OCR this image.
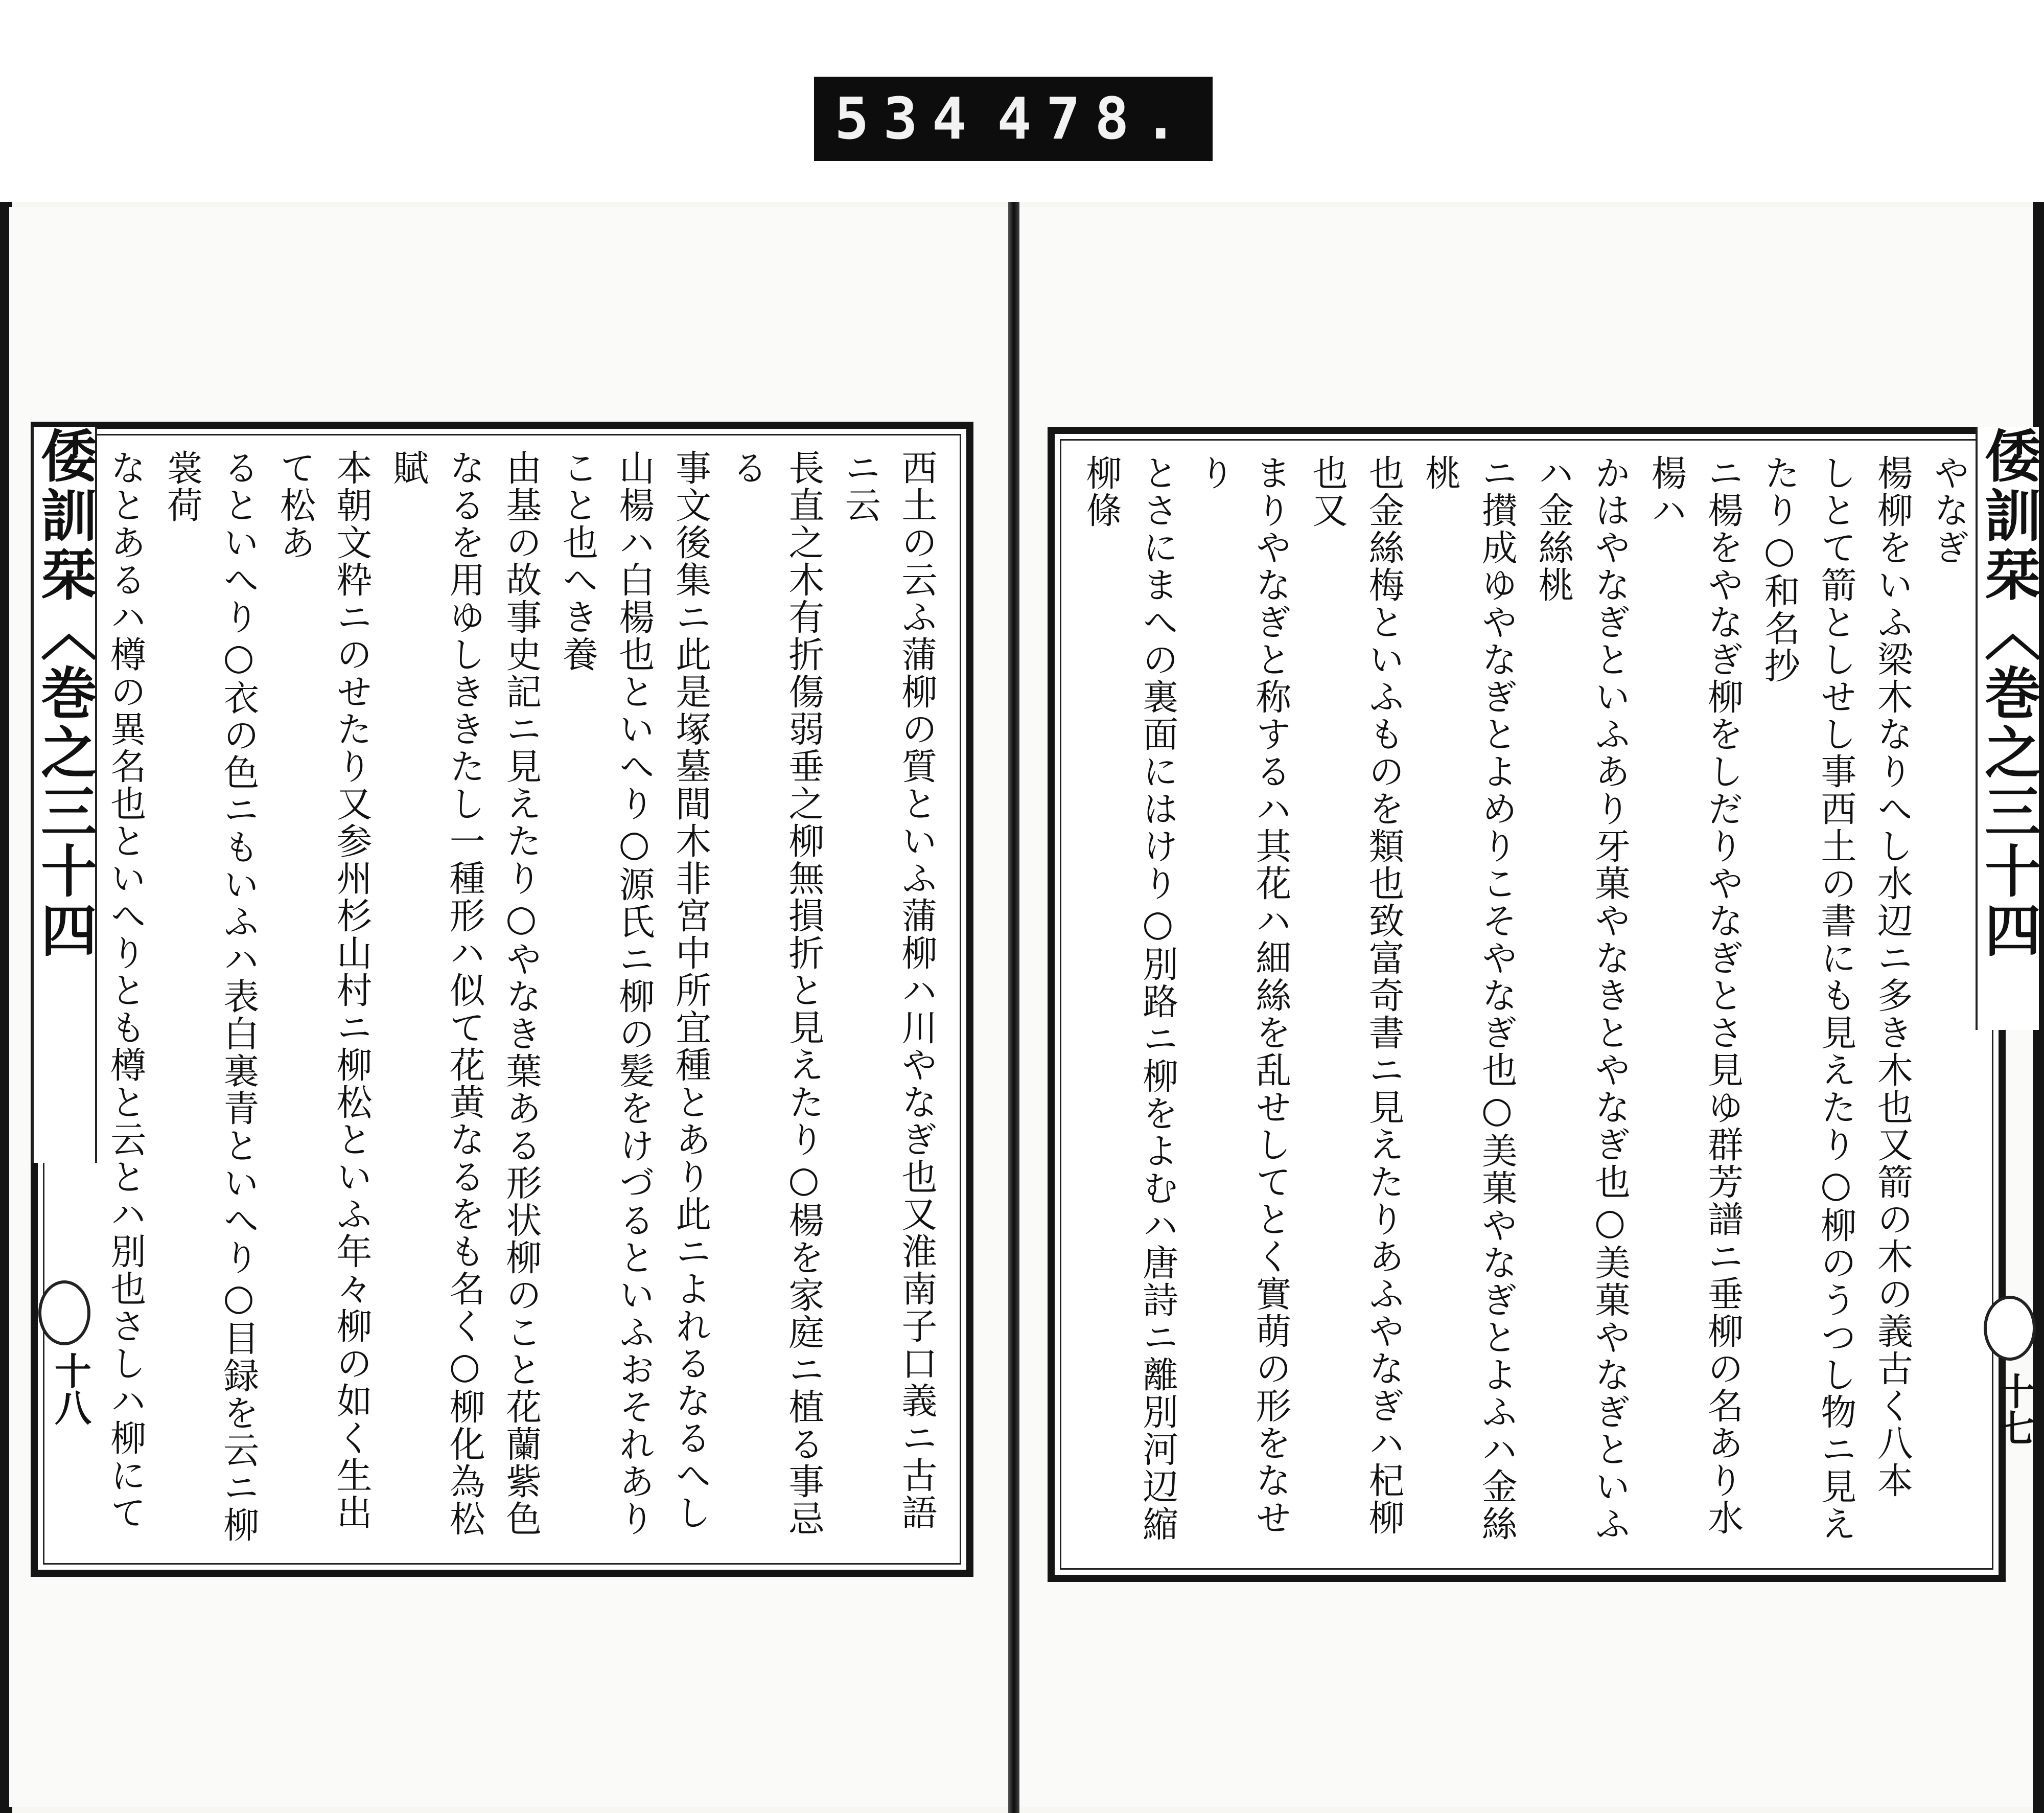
534 478.

西土の云ふ蒲柳の質といふ蒲柳ハ川やなぎ也又淮南子口義ニ古語ニ云

長直之木有折傷弱垂之柳無損折と見えたり○楊を家庭ニ植る事忌る

事文後集ニ此是塚墓間木非宮中所宜種とあり此ニよれるなるへし

山楊ハ白楊也といへり○源氏ニ柳の髪をけづるといふおそれありこと也へき養

由基の故事史記ニ見えたり○やなき葉ある形状柳のこと花蘭紫色

なるを用ゆしききたし一種形ハ似て花黄なるをも名く○柳化為松賦

本朝文粋ニのせたり又参州杉山村ニ柳松といふ年々柳の如く生出て松あ

るといへり○衣の色ニもいふハ表白裏青といへり○目録を云ニ柳裳荷

なとあるハ樽の異名也といへりとも樽と云とハ別也さしハ柳にて

倭訓栞〈巻之三十四
十八

やなぎ

楊柳をいふ梁木なりへし水辺ニ多き木也又箭の木の義古く八本

しとて箭としせし事西土の書にも見えたり○柳のうつし物ニ見えたり○和名抄

ニ楊をやなぎ柳をしだりやなぎとさ見ゆ群芳譜ニ垂柳の名あり水楊ハ

かはやなぎといふあり牙菓やなきとやなぎ也○美菓やなぎといふハ金絲桃

ニ攅成ゆやなぎとよめりこそやなぎ也○美菓やなぎとよふハ金絲桃

也金絲梅といふものを類也致富奇書ニ見えたりあふやなぎハ杞柳也又

まりやなぎと称するハ其花ハ細絲を乱せしてとく實萌の形をなせり

とさにまへの裏面にはけり○別路ニ柳をよむハ唐詩ニ離別河辺縮柳條	倭訓栞〈巻之三十四
十七
